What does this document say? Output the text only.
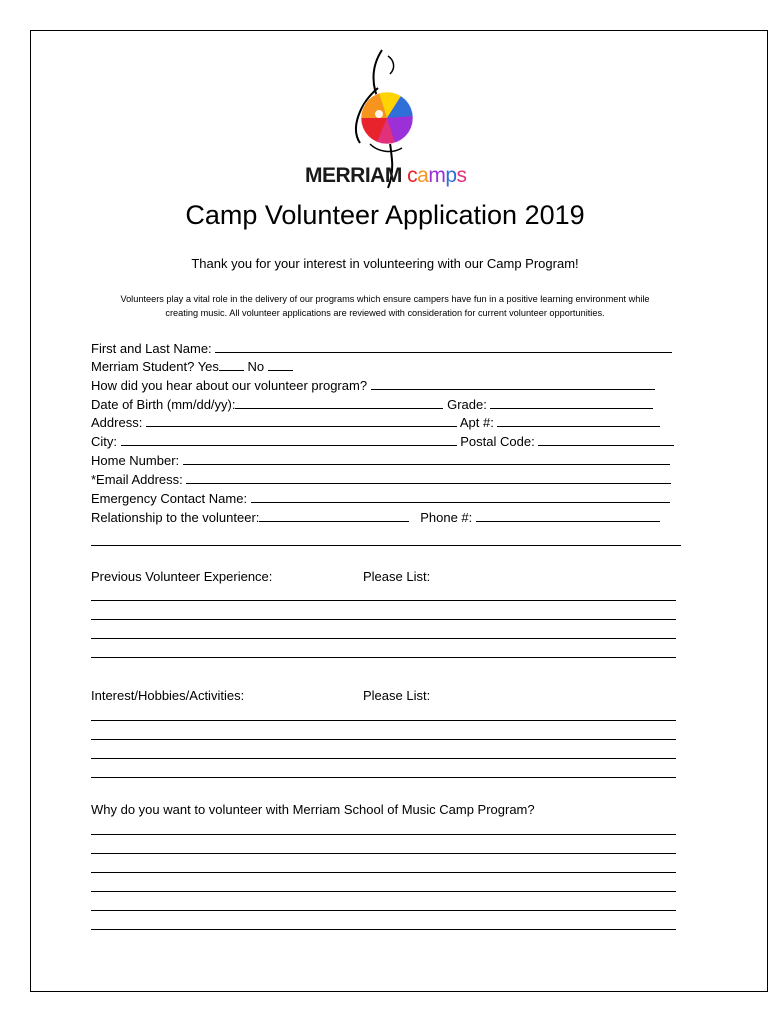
MERRIAM camps
Camp Volunteer Application 2019
Thank you for your interest in volunteering with our Camp Program!
Volunteers play a vital role in the delivery of our programs which ensure campers have fun in a positive learning environment while
creating music. All volunteer applications are reviewed with consideration for current volunteer opportunities.
First and Last Name:
Merriam Student? Yes No
How did you hear about our volunteer program?
Date of Birth (mm/dd/yy):	Grade:
Address:	Apt #:
City:	Postal Code:
Home Number:
*Email Address:
Emergency Contact Name:
Relationship to the volunteer:	Phone #:
Previous Volunteer Experience:	Please List:
Interest/Hobbies/Activities:	Please List:
Why do you want to volunteer with Merriam School of Music Camp Program?
